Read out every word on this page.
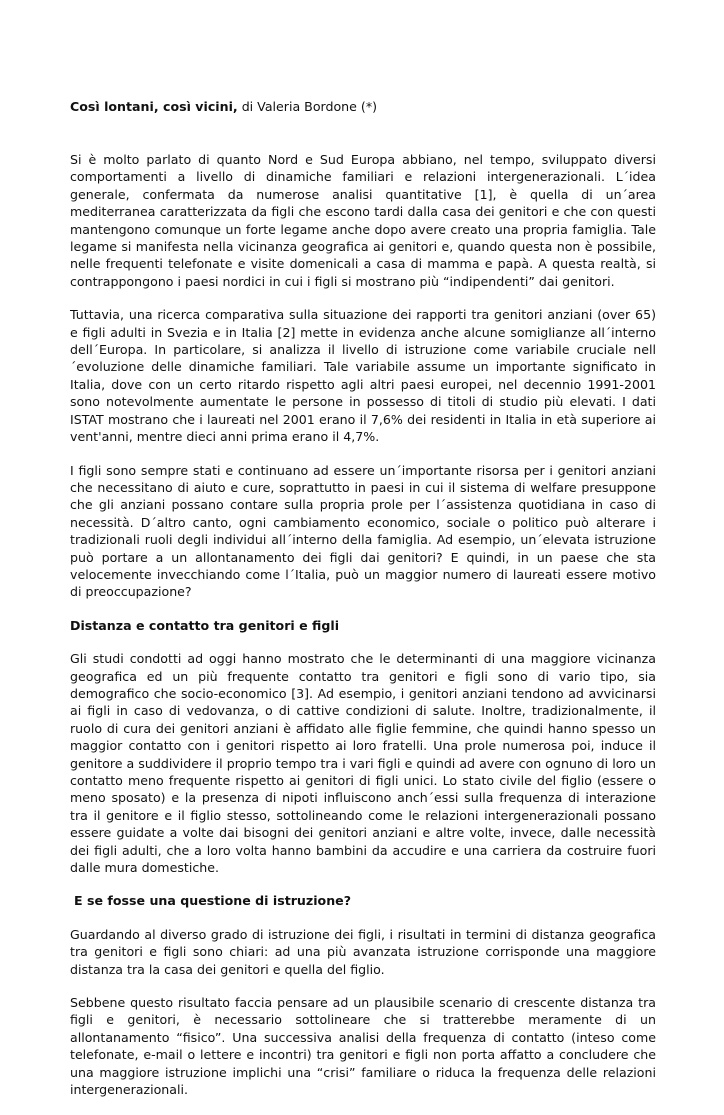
Così lontani, così vicini, di Valeria Bordone (*)

Si è molto parlato di quanto Nord e Sud Europa abbiano, nel tempo, sviluppato diversi comportamenti a livello di dinamiche familiari e relazioni intergenerazionali. L´idea generale, confermata da numerose analisi quantitative [1], è quella di un´area mediterranea caratterizzata da figli che escono tardi dalla casa dei genitori e che con questi mantengono comunque un forte legame anche dopo avere creato una propria famiglia. Tale legame si manifesta nella vicinanza geografica ai genitori e, quando questa non è possibile, nelle frequenti telefonate e visite domenicali a casa di mamma e papà. A questa realtà, si contrappongono i paesi nordici in cui i figli si mostrano più “indipendenti” dai genitori.

Tuttavia, una ricerca comparativa sulla situazione dei rapporti tra genitori anziani (over 65) e figli adulti in Svezia e in Italia [2] mette in evidenza anche alcune somiglianze all´interno dell´Europa. In particolare, si analizza il livello di istruzione come variabile cruciale nell´evoluzione delle dinamiche familiari. Tale variabile assume un importante significato in Italia, dove con un certo ritardo rispetto agli altri paesi europei, nel decennio 1991-2001 sono notevolmente aumentate le persone in possesso di titoli di studio più elevati. I dati ISTAT mostrano che i laureati nel 2001 erano il 7,6% dei residenti in Italia in età superiore ai vent'anni, mentre dieci anni prima erano il 4,7%.

I figli sono sempre stati e continuano ad essere un´importante risorsa per i genitori anziani che necessitano di aiuto e cure, soprattutto in paesi in cui il sistema di welfare presuppone che gli anziani possano contare sulla propria prole per l´assistenza quotidiana in caso di necessità. D´altro canto, ogni cambiamento economico, sociale o politico può alterare i tradizionali ruoli degli individui all´interno della famiglia. Ad esempio, un´elevata istruzione può portare a un allontanamento dei figli dai genitori? E quindi, in un paese che sta velocemente invecchiando come l´Italia, può un maggior numero di laureati essere motivo di preoccupazione?

Distanza e contatto tra genitori e figli

Gli studi condotti ad oggi hanno mostrato che le determinanti di una maggiore vicinanza geografica ed un più frequente contatto tra genitori e figli sono di vario tipo, sia demografico che socio-economico [3]. Ad esempio, i genitori anziani tendono ad avvicinarsi ai figli in caso di vedovanza, o di cattive condizioni di salute. Inoltre, tradizionalmente, il ruolo di cura dei genitori anziani è affidato alle figlie femmine, che quindi hanno spesso un maggior contatto con i genitori rispetto ai loro fratelli. Una prole numerosa poi, induce il genitore a suddividere il proprio tempo tra i vari figli e quindi ad avere con ognuno di loro un contatto meno frequente rispetto ai genitori di figli unici. Lo stato civile del figlio (essere o meno sposato) e la presenza di nipoti influiscono anch´essi sulla frequenza di interazione tra il genitore e il figlio stesso, sottolineando come le relazioni intergenerazionali possano essere guidate a volte dai bisogni dei genitori anziani e altre volte, invece, dalle necessità dei figli adulti, che a loro volta hanno bambini da accudire e una carriera da costruire fuori dalle mura domestiche.

E se fosse una questione di istruzione?

Guardando al diverso grado di istruzione dei figli, i risultati in termini di distanza geografica tra genitori e figli sono chiari: ad una più avanzata istruzione corrisponde una maggiore distanza tra la casa dei genitori e quella del figlio.

Sebbene questo risultato faccia pensare ad un plausibile scenario di crescente distanza tra figli e genitori, è necessario sottolineare che si tratterebbe meramente di un allontanamento “fisico”. Una successiva analisi della frequenza di contatto (inteso come telefonate, e-mail o lettere e incontri) tra genitori e figli non porta affatto a concludere che una maggiore istruzione implichi una “crisi” familiare o riduca la frequenza delle relazioni intergenerazionali.
